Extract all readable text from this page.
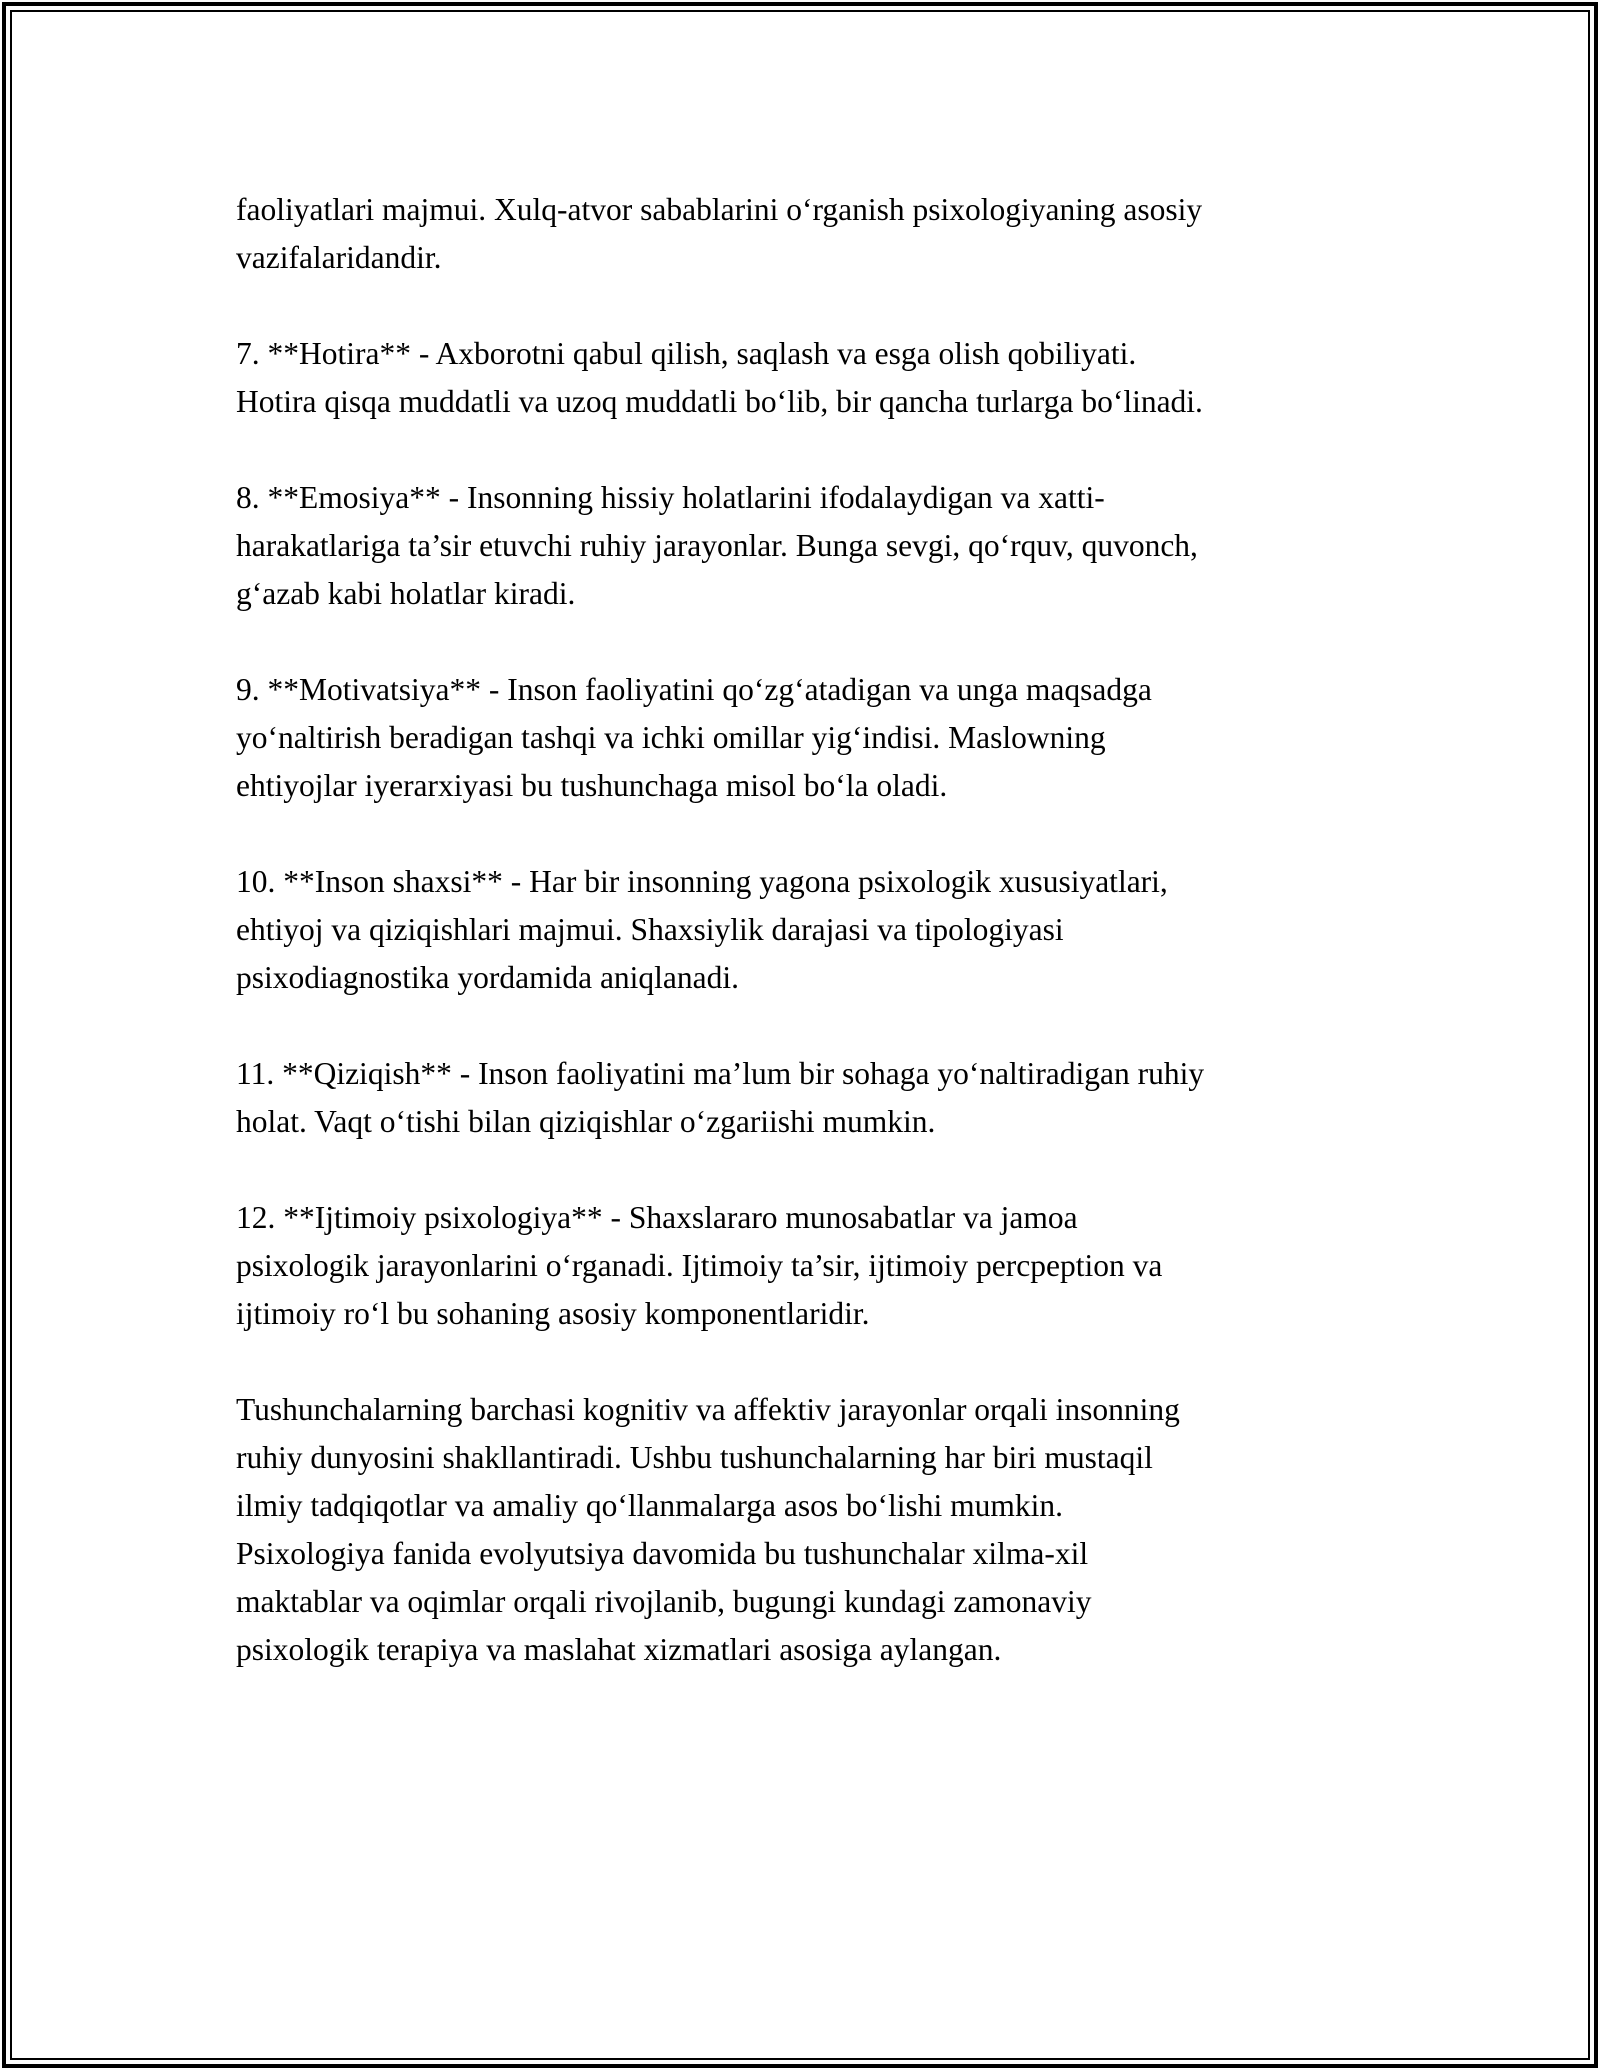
faoliyatlari majmui. Xulq-atvor sabablarini o‘rganish psixologiyaning asosiy
vazifalaridandir.

7. **Hotira** - Axborotni qabul qilish, saqlash va esga olish qobiliyati.
Hotira qisqa muddatli va uzoq muddatli bo‘lib, bir qancha turlarga bo‘linadi.

8. **Emosiya** - Insonning hissiy holatlarini ifodalaydigan va xatti-
harakatlariga ta’sir etuvchi ruhiy jarayonlar. Bunga sevgi, qo‘rquv, quvonch,
g‘azab kabi holatlar kiradi.

9. **Motivatsiya** - Inson faoliyatini qo‘zg‘atadigan va unga maqsadga
yo‘naltirish beradigan tashqi va ichki omillar yig‘indisi. Maslowning
ehtiyojlar iyerarxiyasi bu tushunchaga misol bo‘la oladi.

10. **Inson shaxsi** - Har bir insonning yagona psixologik xususiyatlari,
ehtiyoj va qiziqishlari majmui. Shaxsiylik darajasi va tipologiyasi
psixodiagnostika yordamida aniqlanadi.

11. **Qiziqish** - Inson faoliyatini ma’lum bir sohaga yo‘naltiradigan ruhiy
holat. Vaqt o‘tishi bilan qiziqishlar o‘zgariishi mumkin.

12. **Ijtimoiy psixologiya** - Shaxslararo munosabatlar va jamoa
psixologik jarayonlarini o‘rganadi. Ijtimoiy ta’sir, ijtimoiy percpeption va
ijtimoiy ro‘l bu sohaning asosiy komponentlaridir.

Tushunchalarning barchasi kognitiv va affektiv jarayonlar orqali insonning
ruhiy dunyosini shakllantiradi. Ushbu tushunchalarning har biri mustaqil
ilmiy tadqiqotlar va amaliy qo‘llanmalarga asos bo‘lishi mumkin.
Psixologiya fanida evolyutsiya davomida bu tushunchalar xilma-xil
maktablar va oqimlar orqali rivojlanib, bugungi kundagi zamonaviy
psixologik terapiya va maslahat xizmatlari asosiga aylangan.
